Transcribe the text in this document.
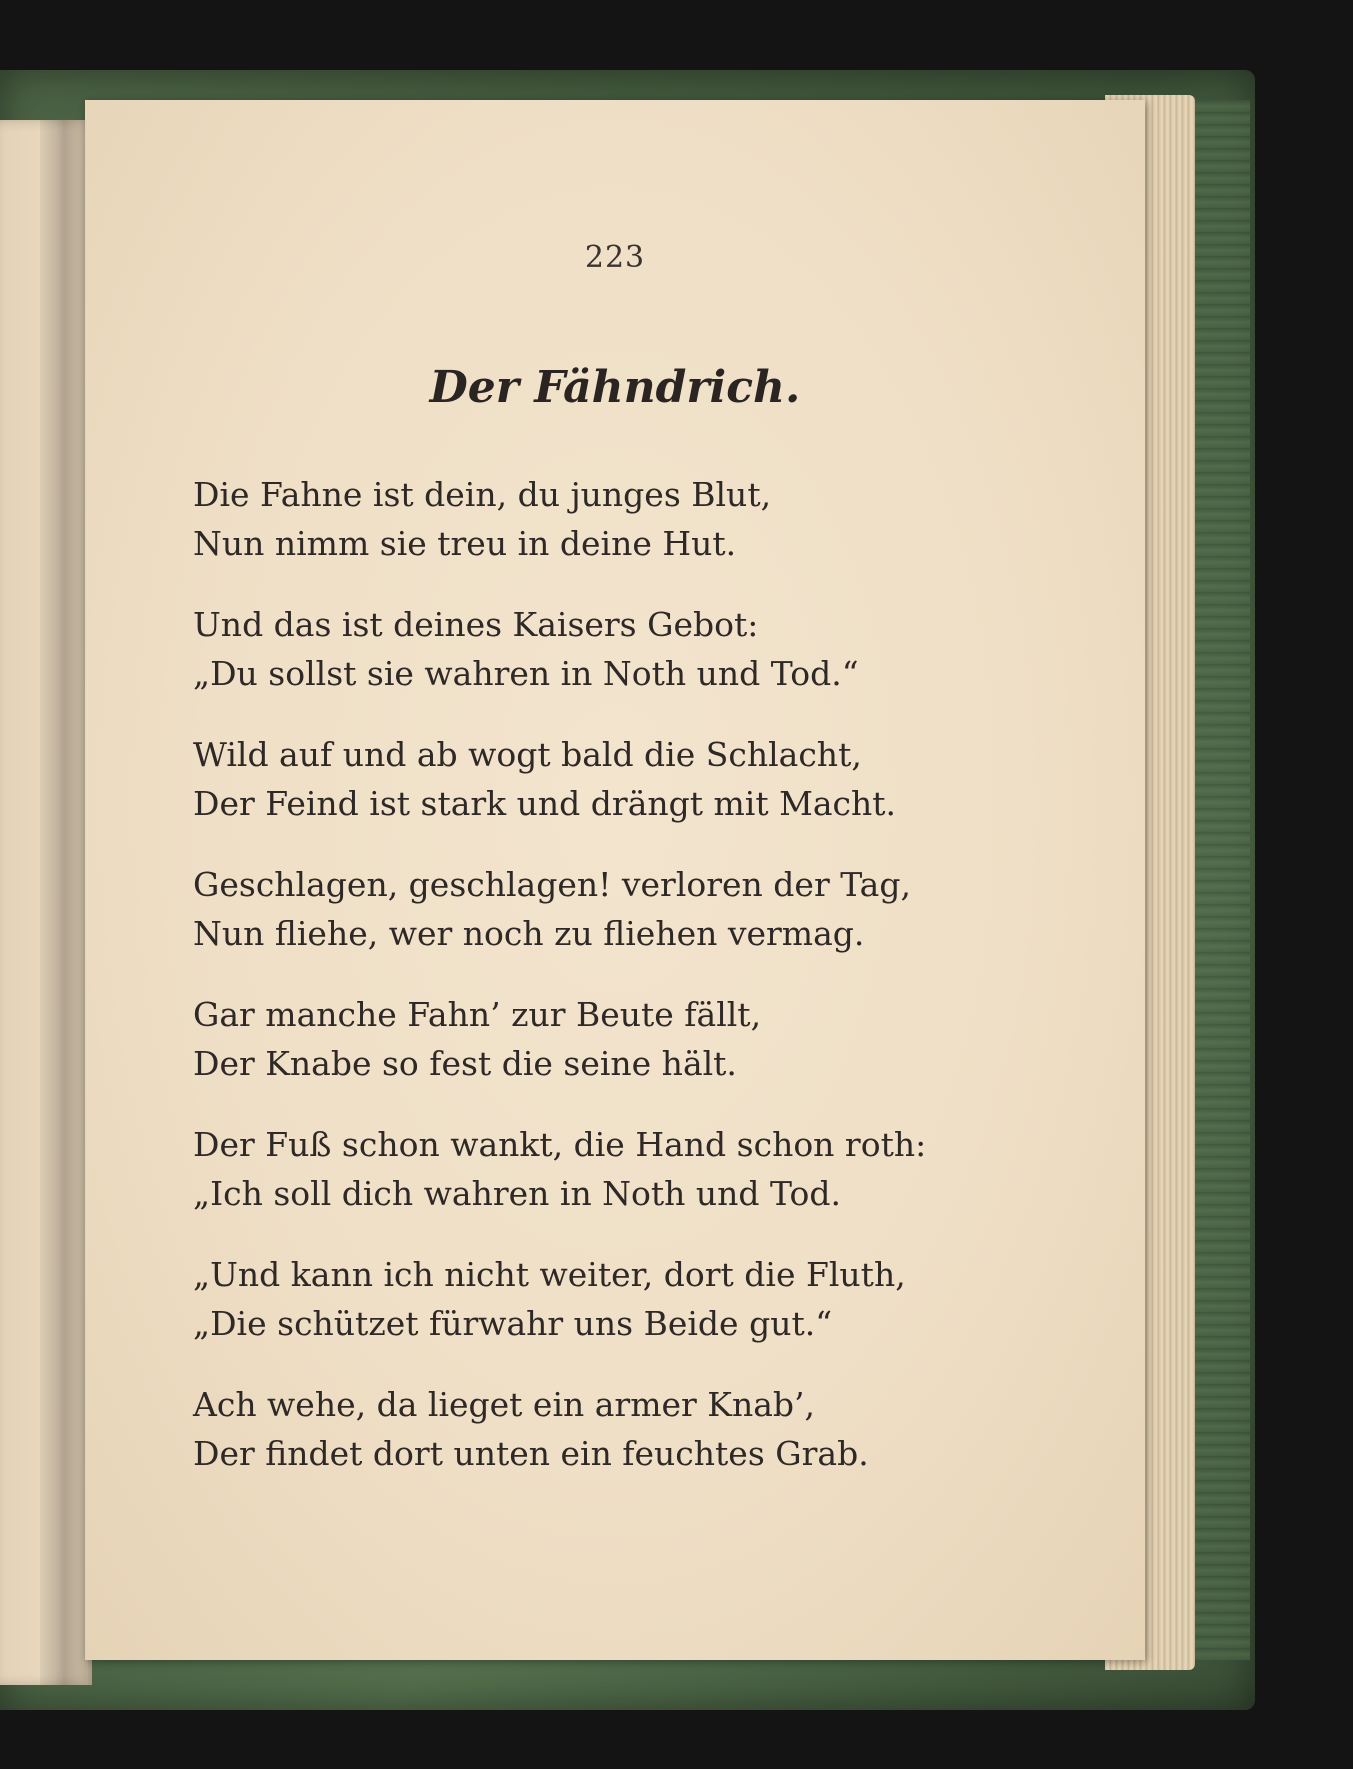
223
Der Fähndrich.
Die Fahne ist dein, du junges Blut,
Nun nimm sie treu in deine Hut.
Und das ist deines Kaisers Gebot:
„Du sollst sie wahren in Noth und Tod.“
Wild auf und ab wogt bald die Schlacht,
Der Feind ist stark und drängt mit Macht.
Geschlagen, geschlagen! verloren der Tag,
Nun fliehe, wer noch zu fliehen vermag.
Gar manche Fahn’ zur Beute fällt,
Der Knabe so fest die seine hält.
Der Fuß schon wankt, die Hand schon roth:
„Ich soll dich wahren in Noth und Tod.
„Und kann ich nicht weiter, dort die Fluth,
„Die schützet fürwahr uns Beide gut.“
Ach wehe, da lieget ein armer Knab’,
Der findet dort unten ein feuchtes Grab.
